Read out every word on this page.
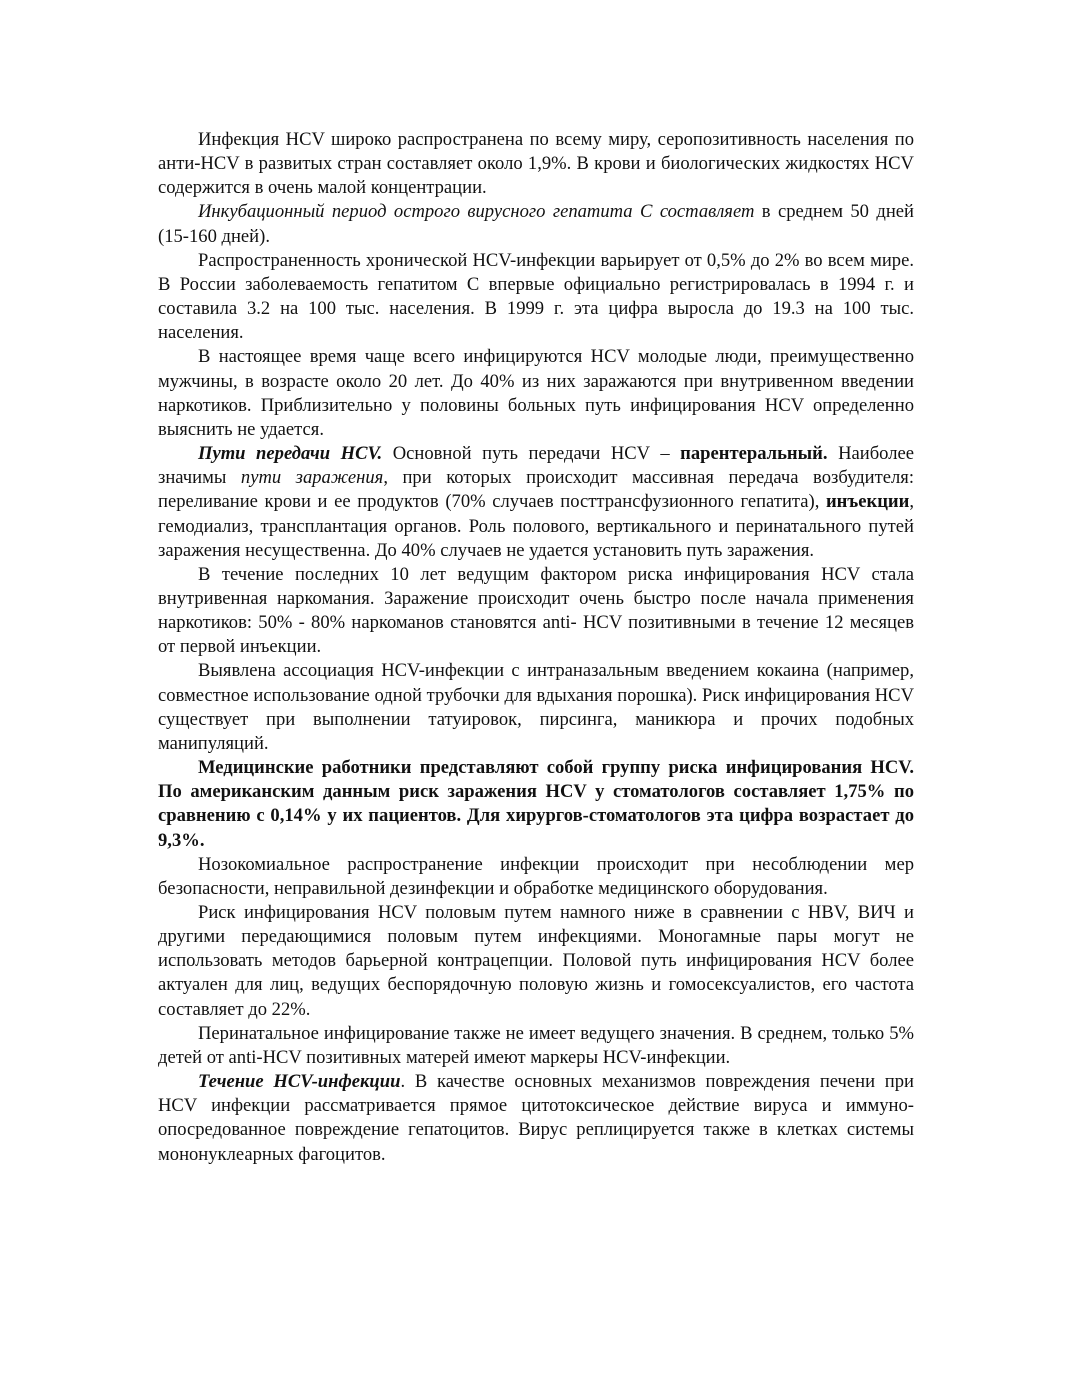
Инфекция HCV широко распространена по всему миру, серопозитивность населения по анти-HCV в развитых стран составляет около 1,9%. В крови и биологических жидкостях HCV содержится в очень малой концентрации.

Инкубационный период острого вирусного гепатита С составляет в среднем 50 дней (15-160 дней).

Распространенность хронической HCV-инфекции варьирует от 0,5% до 2% во всем мире. В России заболеваемость гепатитом С впервые официально регистрировалась в 1994 г. и составила 3.2 на 100 тыс. населения. В 1999 г. эта цифра выросла до 19.3 на 100 тыс. населения.

В настоящее время чаще всего инфицируются HCV молодые люди, преимущественно мужчины, в возрасте около 20 лет. До 40% из них заражаются при внутривенном введении наркотиков. Приблизительно у половины больных путь инфицирования HCV определенно выяснить не удается.

Пути передачи HCV. Основной путь передачи HCV – парентеральный. Наиболее значимы пути заражения, при которых происходит массивная передача возбудителя: переливание крови и ее продуктов (70% случаев посттрансфузионного гепатита), инъекции, гемодиализ, трансплантация органов. Роль полового, вертикального и перинатального путей заражения несущественна. До 40% случаев не удается установить путь заражения.

В течение последних 10 лет ведущим фактором риска инфицирования HCV стала внутривенная наркомания. Заражение происходит очень быстро после начала применения наркотиков: 50% - 80% наркоманов становятся anti- HCV позитивными в течение 12 месяцев от первой инъекции.

Выявлена ассоциация HCV-инфекции с интраназальным введением кокаина (например, совместное использование одной трубочки для вдыхания порошка). Риск инфицирования HCV существует при выполнении татуировок, пирсинга, маникюра и прочих подобных манипуляций.

Медицинские работники представляют собой группу риска инфицирования HCV. По американским данным риск заражения HCV у стоматологов составляет 1,75% по сравнению с 0,14% у их пациентов. Для хирургов-стоматологов эта цифра возрастает до 9,3%.

Нозокомиальное распространение инфекции происходит при несоблюдении мер безопасности, неправильной дезинфекции и обработке медицинского оборудования.

Риск инфицирования HCV половым путем намного ниже в сравнении с HBV, ВИЧ и другими передающимися половым путем инфекциями. Моногамные пары могут не использовать методов барьерной контрацепции. Половой путь инфицирования HCV более актуален для лиц, ведущих беспорядочную половую жизнь и гомосексуалистов, его частота составляет до 22%.

Перинатальное инфицирование также не имеет ведущего значения. В среднем, только 5% детей от anti-HCV позитивных матерей имеют маркеры HCV-инфекции.

Течение HCV-инфекции. В качестве основных механизмов повреждения печени при HCV инфекции рассматривается прямое цитотоксическое действие вируса и иммуно-опосредованное повреждение гепатоцитов. Вирус реплицируется также в клетках системы мононуклеарных фагоцитов.
